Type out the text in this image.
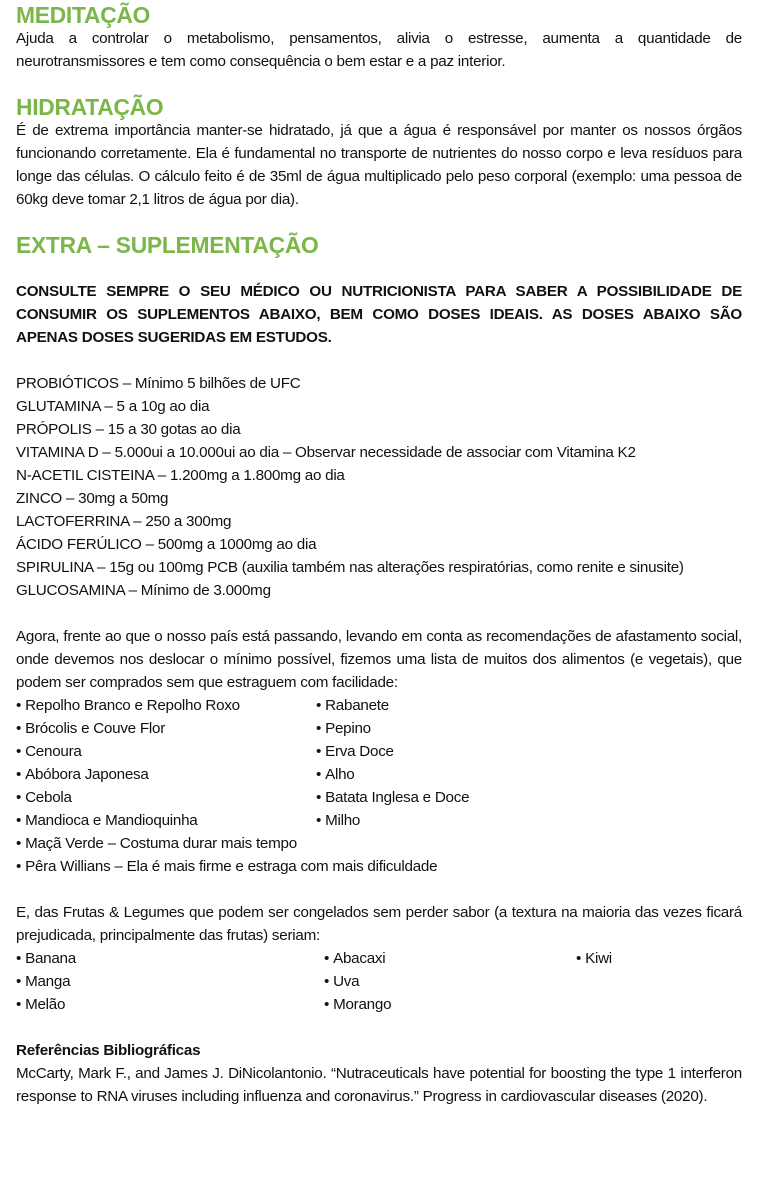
MEDITAÇÃO

Ajuda a controlar o metabolismo, pensamentos, alivia o estresse, aumenta a quantidade de neurotransmissores e tem como consequência o bem estar e a paz interior.

HIDRATAÇÃO

É de extrema importância manter-se hidratado, já que a água é responsável por manter os nossos órgãos funcionando corretamente. Ela é fundamental no transporte de nutrientes do nosso corpo e leva resíduos para longe das células. O cálculo feito é de 35ml de água multiplicado pelo peso corporal (exemplo: uma pessoa de 60kg deve tomar 2,1 litros de água por dia).

EXTRA – SUPLEMENTAÇÃO

CONSULTE SEMPRE O SEU MÉDICO OU NUTRICIONISTA PARA SABER A POSSIBILIDADE DE CONSUMIR OS SUPLEMENTOS ABAIXO, BEM COMO DOSES IDEAIS. AS DOSES ABAIXO SÃO APENAS DOSES SUGERIDAS EM ESTUDOS.

PROBIÓTICOS – Mínimo 5 bilhões de UFC

GLUTAMINA – 5 a 10g ao dia

PRÓPOLIS – 15 a 30 gotas ao dia

VITAMINA D – 5.000ui a 10.000ui ao dia – Observar necessidade de associar com Vitamina K2

N-ACETIL CISTEINA – 1.200mg a 1.800mg ao dia

ZINCO – 30mg a 50mg

LACTOFERRINA – 250 a 300mg

ÁCIDO FERÚLICO – 500mg a 1000mg ao dia

SPIRULINA – 15g ou 100mg PCB (auxilia também nas alterações respiratórias, como renite e sinusite)

GLUCOSAMINA – Mínimo de 3.000mg

Agora, frente ao que o nosso país está passando, levando em conta as recomendações de afastamento social, onde devemos nos deslocar o mínimo possível, fizemos uma lista de muitos dos alimentos (e vegetais), que podem ser comprados sem que estraguem com facilidade:

• Repolho Branco e Repolho Roxo	• Rabanete
• Brócolis e Couve Flor	• Pepino
• Cenoura	• Erva Doce
• Abóbora Japonesa	• Alho
• Cebola	• Batata Inglesa e Doce
• Mandioca e Mandioquinha	• Milho

• Maçã Verde – Costuma durar mais tempo

• Pêra Willians – Ela é mais firme e estraga com mais dificuldade

E, das Frutas & Legumes que podem ser congelados sem perder sabor (a textura na maioria das vezes ficará prejudicada, principalmente das frutas) seriam:

• Banana	• Abacaxi	• Kiwi
• Manga	• Uva
• Melão	• Morango

Referências Bibliográficas

McCarty, Mark F., and James J. DiNicolantonio. “Nutraceuticals have potential for boosting the type 1 interferon response to RNA viruses including influenza and coronavirus.” Progress in cardiovascular diseases (2020).
